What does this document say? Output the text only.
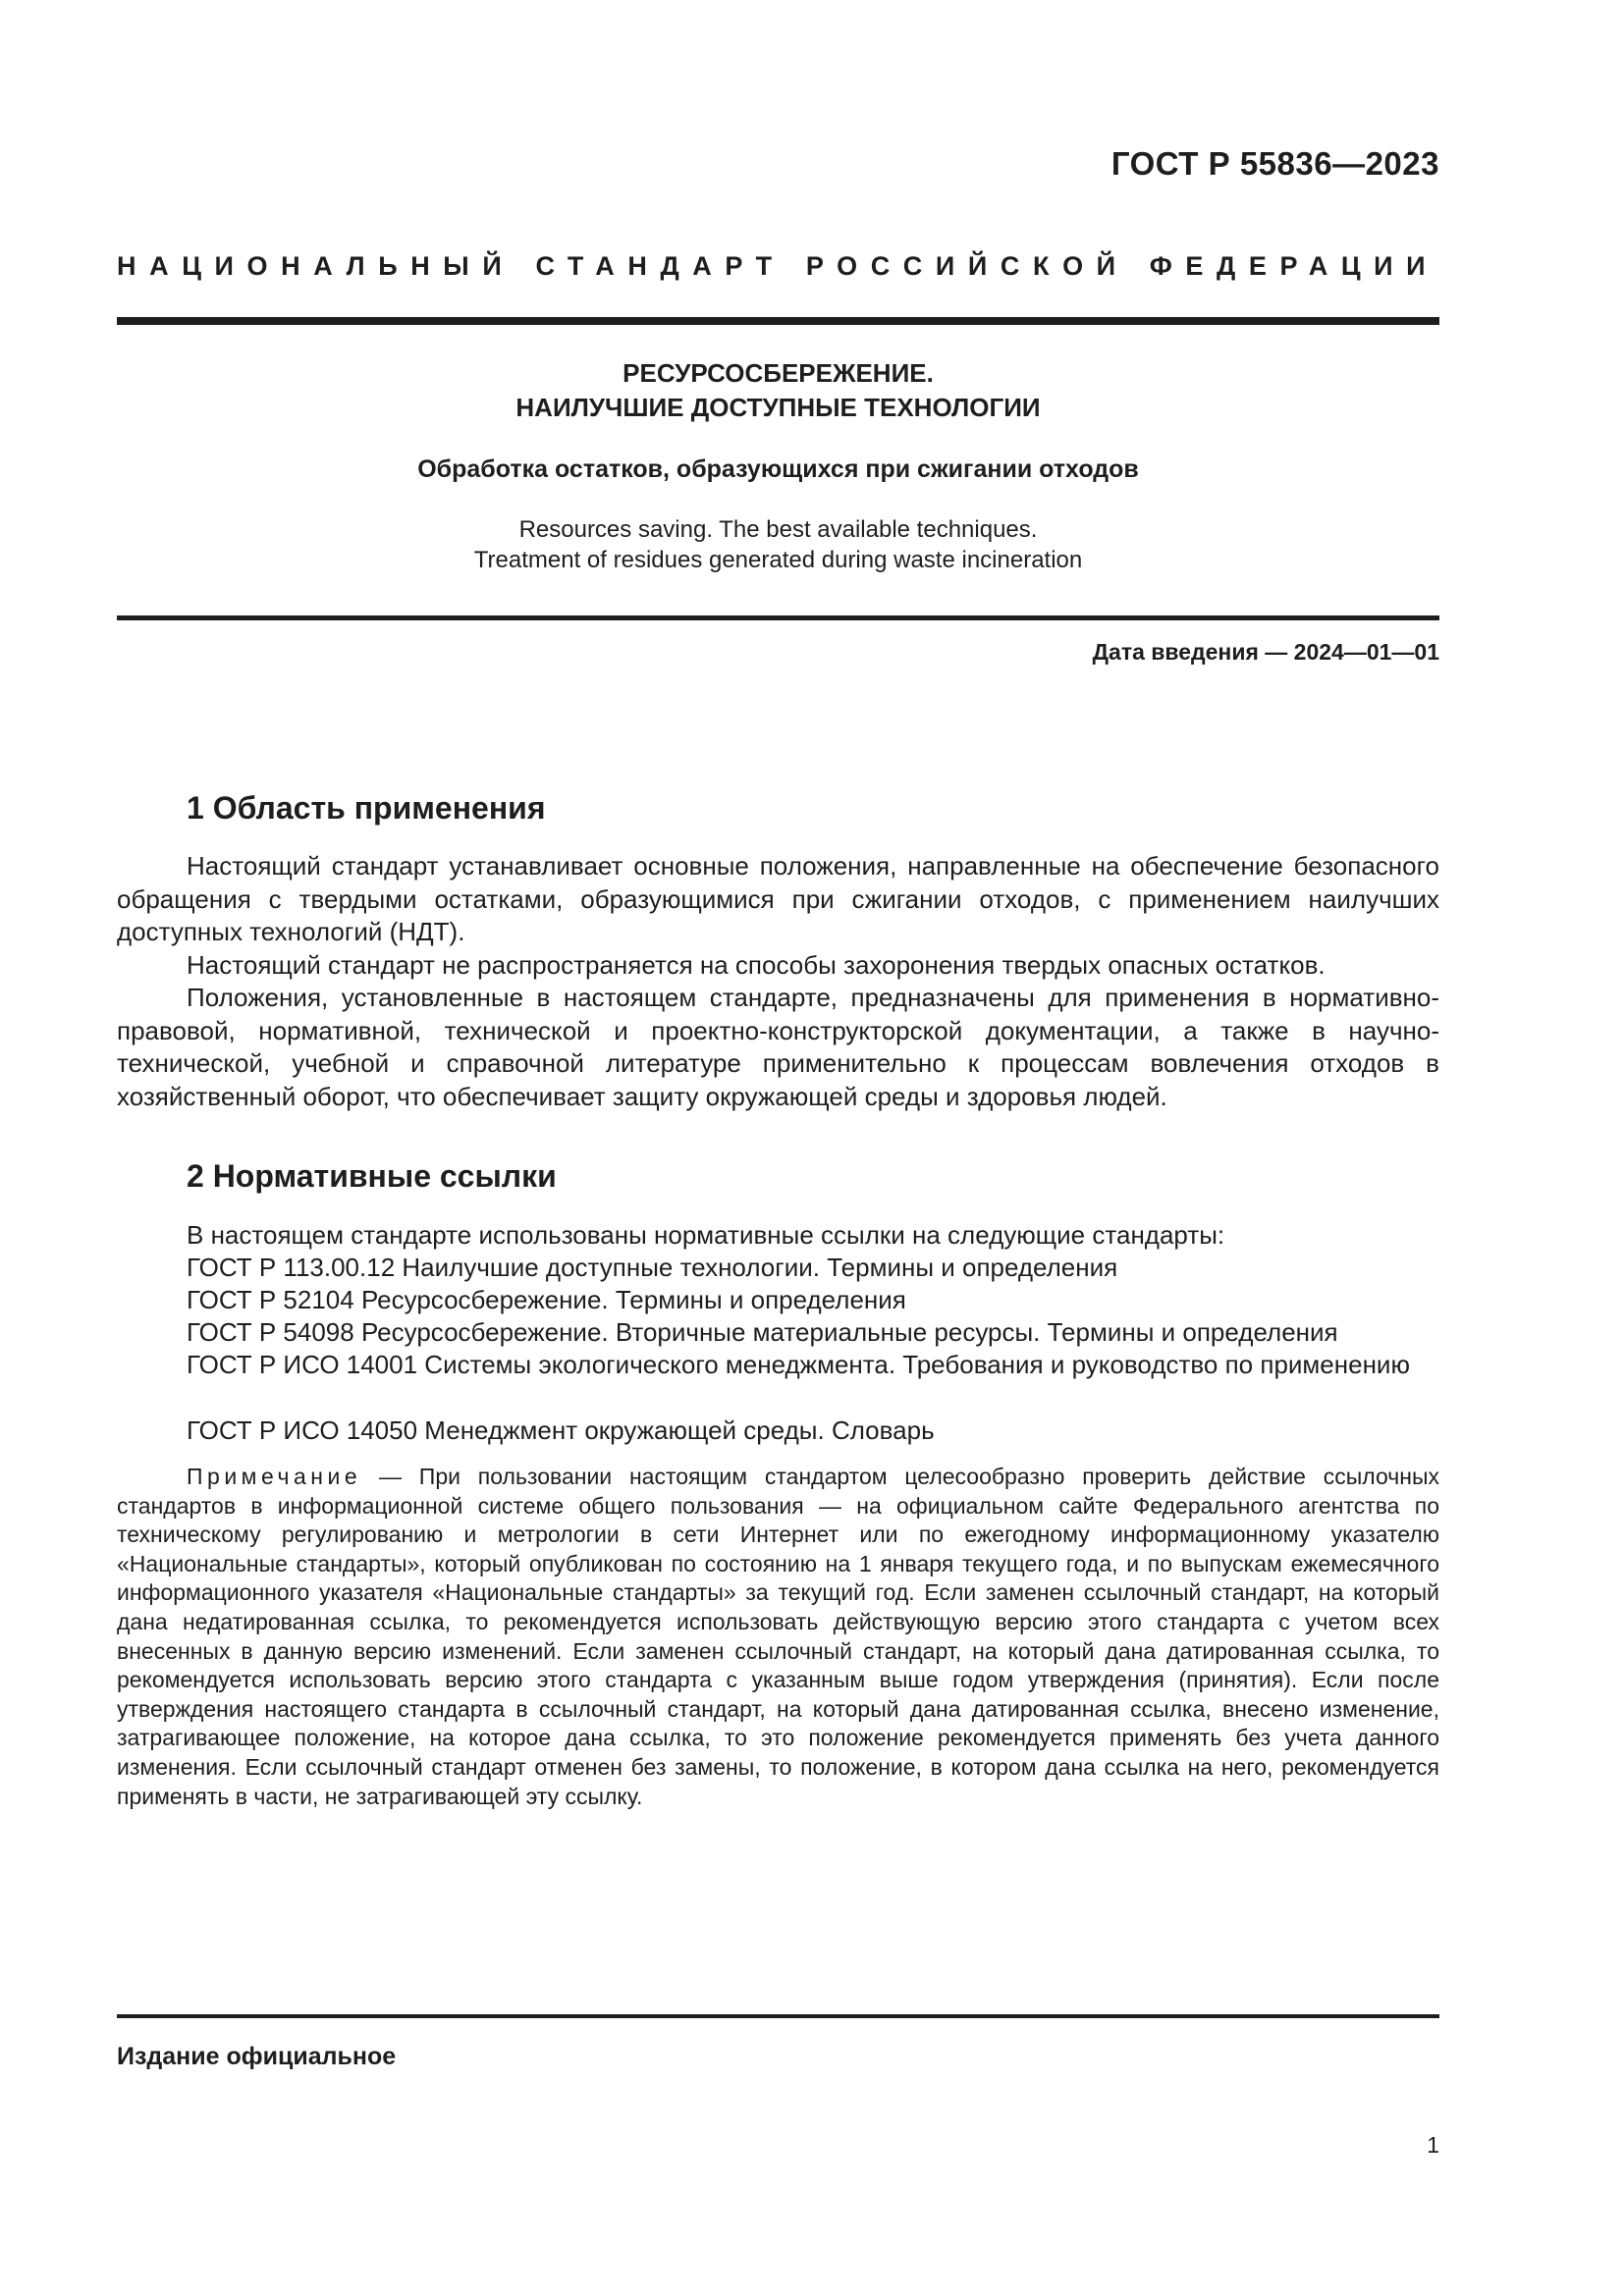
ГОСТ Р 55836—2023
НАЦИОНАЛЬНЫЙ СТАНДАРТ РОССИЙСКОЙ ФЕДЕРАЦИИ
РЕСУРСОСБЕРЕЖЕНИЕ.
НАИЛУЧШИЕ ДОСТУПНЫЕ ТЕХНОЛОГИИ
Обработка остатков, образующихся при сжигании отходов
Resources saving. The best available techniques.
Treatment of residues generated during waste incineration
Дата введения — 2024—01—01
1 Область применения
Настоящий стандарт устанавливает основные положения, направленные на обеспечение безопасного обращения с твердыми остатками, образующимися при сжигании отходов, с применением наилучших доступных технологий (НДТ).
Настоящий стандарт не распространяется на способы захоронения твердых опасных остатков.
Положения, установленные в настоящем стандарте, предназначены для применения в нормативно-правовой, нормативной, технической и проектно-конструкторской документации, а также в научно-технической, учебной и справочной литературе применительно к процессам вовлечения отходов в хозяйственный оборот, что обеспечивает защиту окружающей среды и здоровья людей.
2 Нормативные ссылки
В настоящем стандарте использованы нормативные ссылки на следующие стандарты:
ГОСТ Р 113.00.12 Наилучшие доступные технологии. Термины и определения
ГОСТ Р 52104 Ресурсосбережение. Термины и определения
ГОСТ Р 54098 Ресурсосбережение. Вторичные материальные ресурсы. Термины и определения
ГОСТ Р ИСО 14001 Системы экологического менеджмента. Требования и руководство по применению
ГОСТ Р ИСО 14050 Менеджмент окружающей среды. Словарь
Примечание — При пользовании настоящим стандартом целесообразно проверить действие ссылочных стандартов в информационной системе общего пользования — на официальном сайте Федерального агентства по техническому регулированию и метрологии в сети Интернет или по ежегодному информационному указателю «Национальные стандарты», который опубликован по состоянию на 1 января текущего года, и по выпускам ежемесячного информационного указателя «Национальные стандарты» за текущий год. Если заменен ссылочный стандарт, на который дана недатированная ссылка, то рекомендуется использовать действующую версию этого стандарта с учетом всех внесенных в данную версию изменений. Если заменен ссылочный стандарт, на который дана датированная ссылка, то рекомендуется использовать версию этого стандарта с указанным выше годом утверждения (принятия). Если после утверждения настоящего стандарта в ссылочный стандарт, на который дана датированная ссылка, внесено изменение, затрагивающее положение, на которое дана ссылка, то это положение рекомендуется применять без учета данного изменения. Если ссылочный стандарт отменен без замены, то положение, в котором дана ссылка на него, рекомендуется применять в части, не затрагивающей эту ссылку.
Издание официальное
1
